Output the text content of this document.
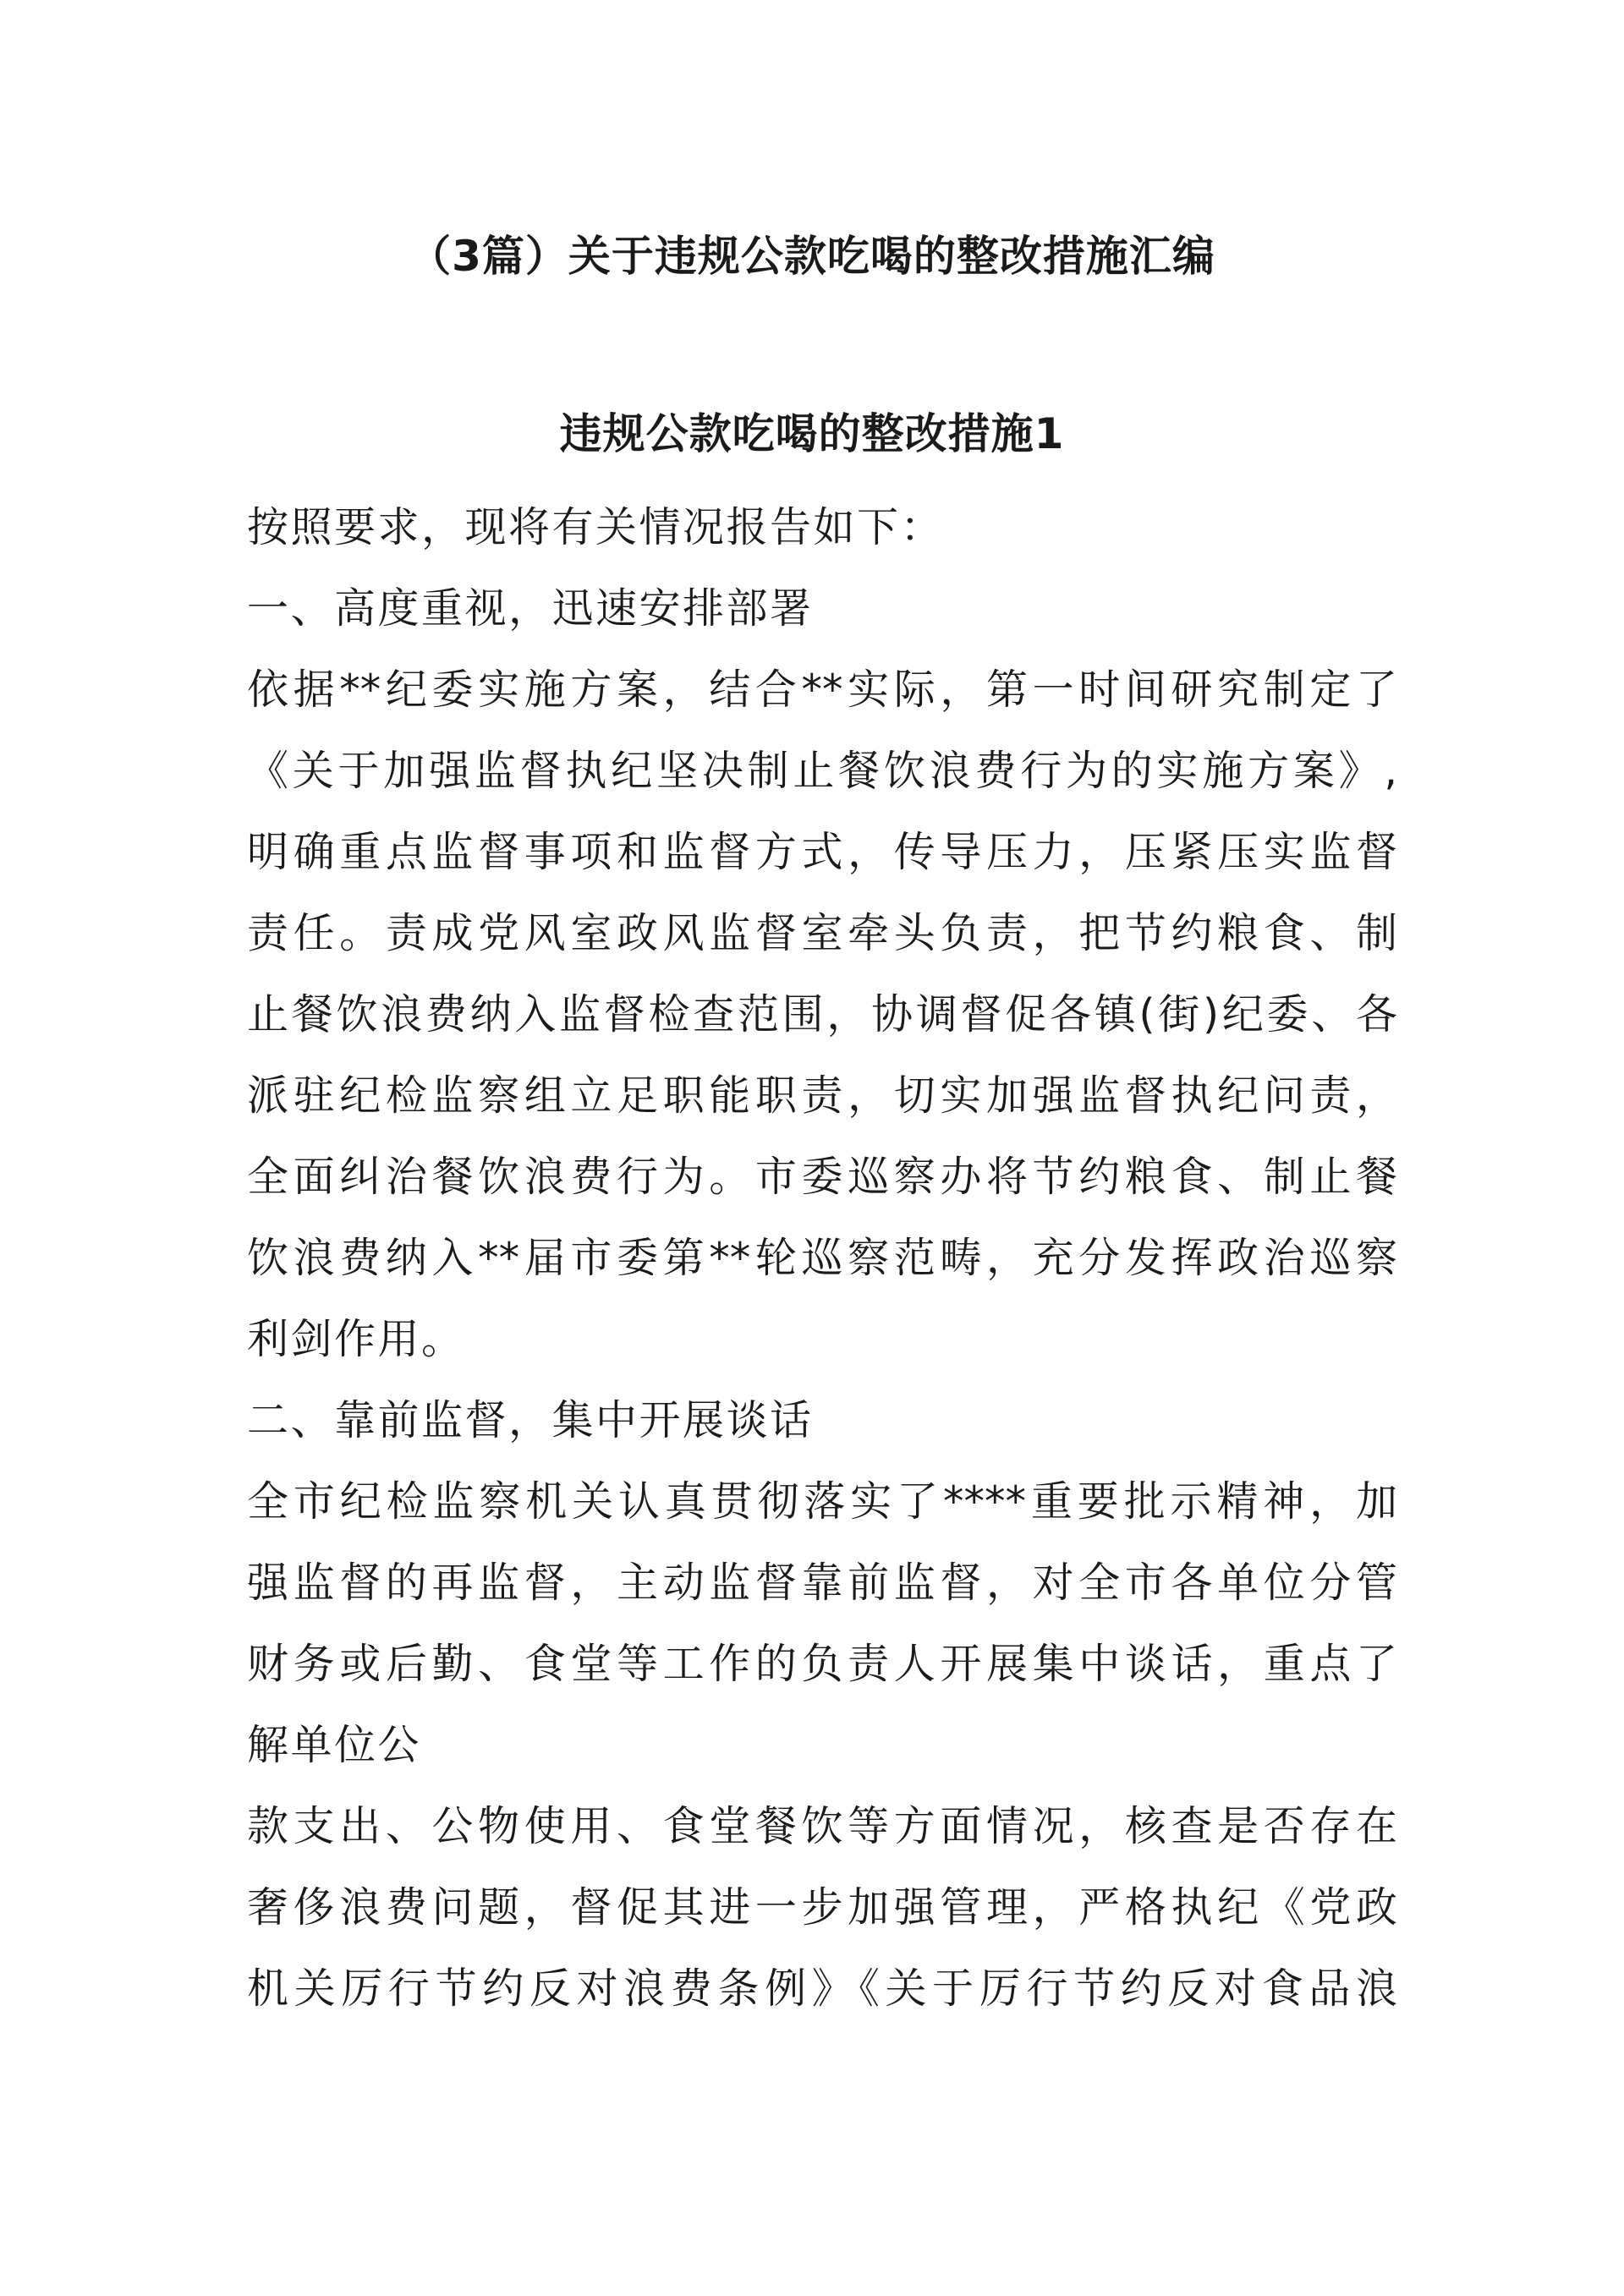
（3篇）关于违规公款吃喝的整改措施汇编
违规公款吃喝的整改措施1
按照要求，现将有关情况报告如下：
一、高度重视，迅速安排部署
依据**纪委实施方案，结合**实际，第一时间研究制定了
《关于加强监督执纪坚决制止餐饮浪费行为的实施方案》,
明确重点监督事项和监督方式，传导压力，压紧压实监督
责任。责成党风室政风监督室牵头负责，把节约粮食、制
止餐饮浪费纳入监督检查范围，协调督促各镇(街)纪委、各
派驻纪检监察组立足职能职责，切实加强监督执纪问责，
全面纠治餐饮浪费行为。市委巡察办将节约粮食、制止餐
饮浪费纳入**届市委第**轮巡察范畴，充分发挥政治巡察
利剑作用。
二、靠前监督，集中开展谈话
全市纪检监察机关认真贯彻落实了****重要批示精神，加
强监督的再监督，主动监督靠前监督，对全市各单位分管
财务或后勤、食堂等工作的负责人开展集中谈话，重点了
解单位公
款支出、公物使用、食堂餐饮等方面情况，核查是否存在
奢侈浪费问题，督促其进一步加强管理，严格执纪《党政
机关厉行节约反对浪费条例》《关于厉行节约反对食品浪
